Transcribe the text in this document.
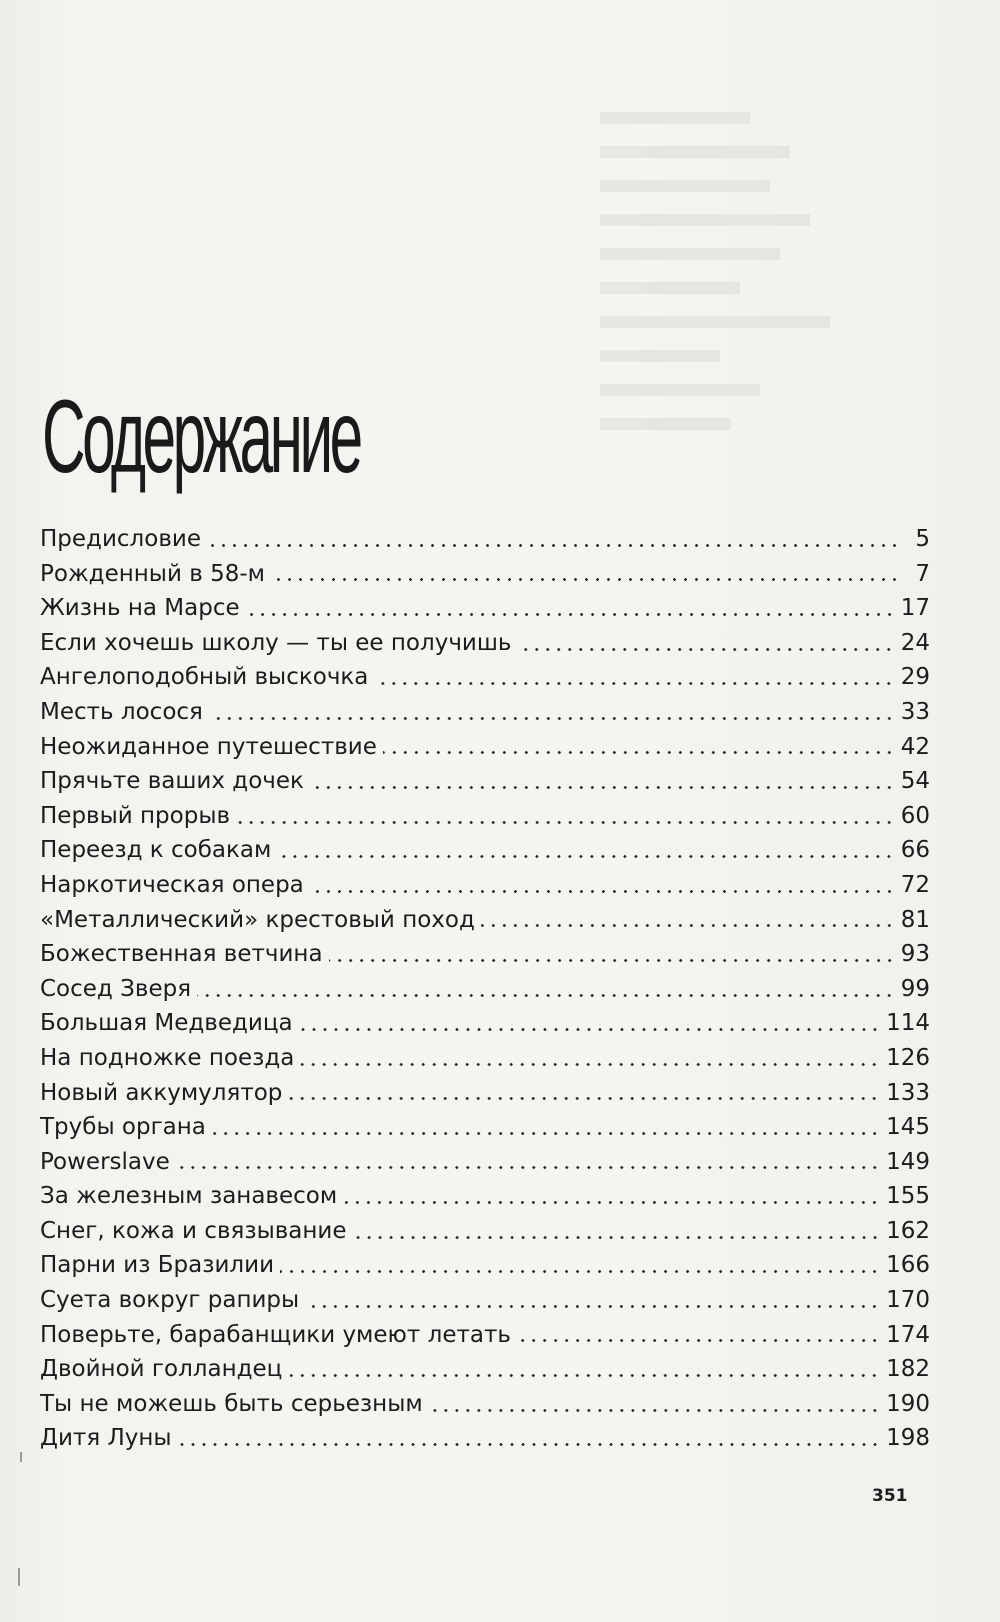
Содержание
Предисловие	5
Рожденный в 58-м	7
Жизнь на Марсе	17
Если хочешь школу — ты ее получишь	24
Ангелоподобный выскочка	29
Месть лосося	33
Неожиданное путешествие	42
Прячьте ваших дочек	54
Первый прорыв	60
Переезд к собакам	66
Наркотическая опера	72
«Металлический» крестовый поход	81
Божественная ветчина	93
Сосед Зверя	99
Большая Медведица	114
На подножке поезда	126
Новый аккумулятор	133
Трубы органа	145
Powerslave	149
За железным занавесом	155
Снег, кожа и связывание	162
Парни из Бразилии	166
Суета вокруг рапиры	170
Поверьте, барабанщики умеют летать	174
Двойной голландец	182
Ты не можешь быть серьезным	190
Дитя Луны	198
351
